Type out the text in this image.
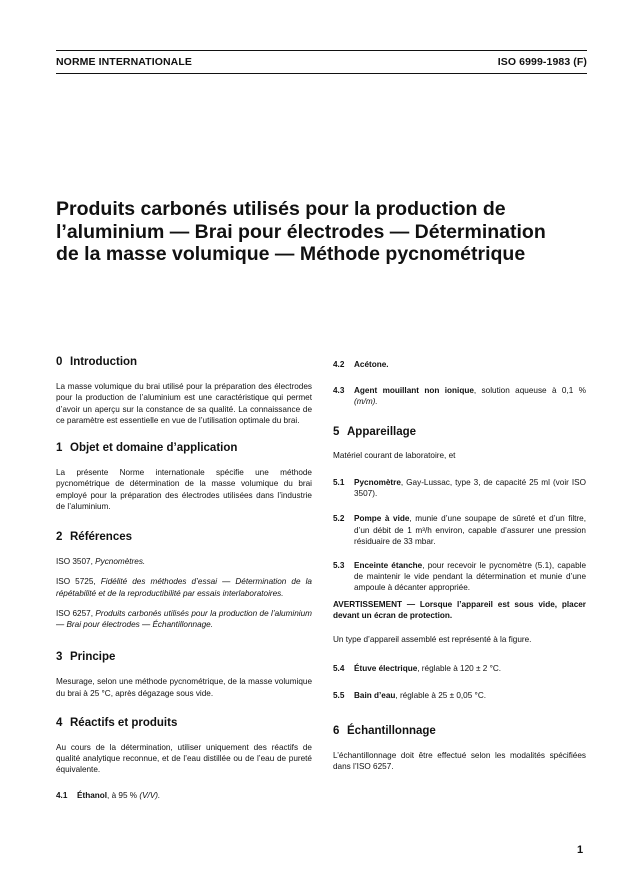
NORME INTERNATIONALE	ISO 6999-1983 (F)
Produits carbonés utilisés pour la production de
l’aluminium — Brai pour électrodes — Détermination
de la masse volumique — Méthode pycnométrique
0 Introduction

La masse volumique du brai utilisé pour la préparation des électrodes pour la production de l’aluminium est une caractéristique qui permet d’avoir un aperçu sur la constance de sa qualité. La connaissance de ce paramètre est essentielle en vue de l’utilisation optimale du brai.

1 Objet et domaine d’application

La présente Norme internationale spécifie une méthode pycnométrique de détermination de la masse volumique du brai employé pour la préparation des électrodes utilisées dans l’industrie de l’aluminium.

2 Références

ISO 3507, Pycnomètres.

ISO 5725, Fidélité des méthodes d’essai — Détermination de la répétabilité et de la reproductibilité par essais interlaboratoires.

ISO 6257, Produits carbonés utilisés pour la production de l’aluminium — Brai pour électrodes — Échantillonnage.

3 Principe

Mesurage, selon une méthode pycnométrique, de la masse volumique du brai à 25 °C, après dégazage sous vide.

4 Réactifs et produits

Au cours de la détermination, utiliser uniquement des réactifs de qualité analytique reconnue, et de l’eau distillée ou de l’eau de pureté équivalente.

4.1	Éthanol, à 95 % (V/V).
4.2	Acétone.
4.3	Agent mouillant non ionique, solution aqueuse à 0,1 % (m/m).
5 Appareillage

Matériel courant de laboratoire, et

5.1	Pycnomètre, Gay-Lussac, type 3, de capacité 25 ml (voir ISO 3507).
5.2	Pompe à vide, munie d’une soupape de sûreté et d’un filtre, d’un débit de 1 m³/h environ, capable d’assurer une pression résiduaire de 33 mbar.
5.3	Enceinte étanche, pour recevoir le pycnomètre (5.1), capable de maintenir le vide pendant la détermination et munie d’une ampoule à décanter appropriée.

AVERTISSEMENT — Lorsque l’appareil est sous vide, placer devant un écran de protection.

Un type d’appareil assemblé est représenté à la figure.

5.4	Étuve électrique, réglable à 120 ± 2 °C.
5.5	Bain d’eau, réglable à 25 ± 0,05 °C.
6 Échantillonnage

L’échantillonnage doit être effectué selon les modalités spécifiées dans l’ISO 6257.

1
